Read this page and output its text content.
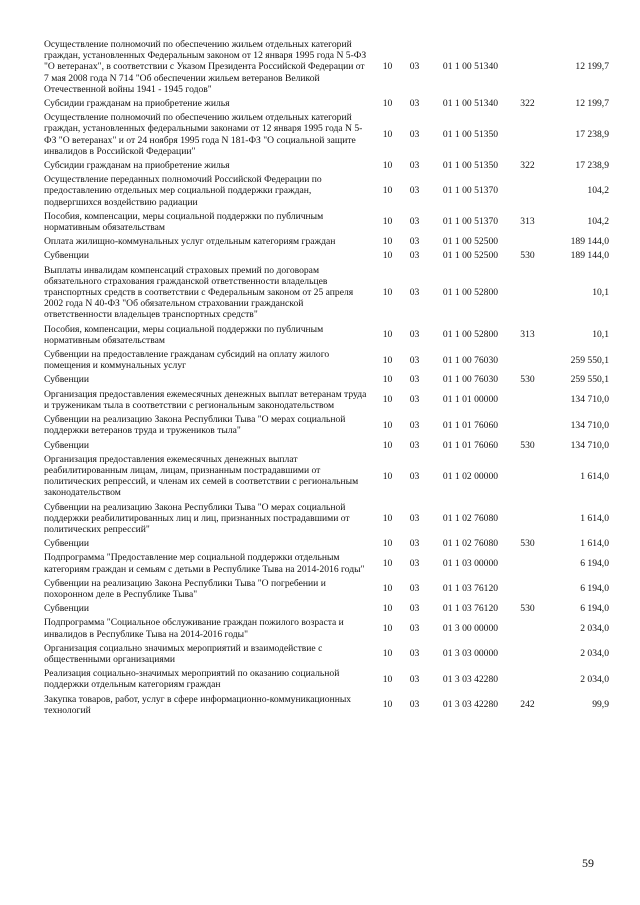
Осуществление полномочий по обеспечению жильем отдельных категорий граждан, установленных Федеральным законом от 12 января 1995 года N 5-ФЗ "О ветеранах", в соответствии с Указом Президента Российской Федерации от 7 мая 2008 года N 714 "Об обеспечении жильем ветеранов Великой Отечественной войны 1941 - 1945 годов"	10	03	01 1 00 51340		12 199,7
Субсидии гражданам на приобретение жилья	10	03	01 1 00 51340	322	12 199,7
Осуществление полномочий по обеспечению жильем отдельных категорий граждан, установленных федеральными законами от 12 января 1995 года N 5-ФЗ "О ветеранах" и от 24 ноября 1995 года N 181-ФЗ "О социальной защите инвалидов в Российской Федерации"	10	03	01 1 00 51350		17 238,9
Субсидии гражданам на приобретение жилья	10	03	01 1 00 51350	322	17 238,9
Осуществление переданных полномочий Российской Федерации по предоставлению отдельных мер социальной поддержки граждан, подвергшихся воздействию радиации	10	03	01 1 00 51370		104,2
Пособия, компенсации, меры социальной поддержки по публичным нормативным обязательствам	10	03	01 1 00 51370	313	104,2
Оплата жилищно-коммунальных услуг отдельным категориям граждан	10	03	01 1 00 52500		189 144,0
Субвенции	10	03	01 1 00 52500	530	189 144,0
Выплаты инвалидам компенсаций страховых премий по договорам обязательного страхования гражданской ответственности владельцев транспортных средств в соответствии с Федеральным законом от 25 апреля 2002 года N 40-ФЗ "Об обязательном страховании гражданской ответственности владельцев транспортных средств"	10	03	01 1 00 52800		10,1
Пособия, компенсации, меры социальной поддержки по публичным нормативным обязательствам	10	03	01 1 00 52800	313	10,1
Субвенции на предоставление гражданам субсидий на оплату жилого помещения и коммунальных услуг	10	03	01 1 00 76030		259 550,1
Субвенции	10	03	01 1 00 76030	530	259 550,1
Организация предоставления ежемесячных денежных выплат ветеранам труда и труженикам тыла в соответствии с региональным законодательством	10	03	01 1 01 00000		134 710,0
Субвенции на реализацию Закона Республики Тыва "О мерах социальной поддержки ветеранов труда и тружеников тыла"	10	03	01 1 01 76060		134 710,0
Субвенции	10	03	01 1 01 76060	530	134 710,0
Организация предоставления ежемесячных денежных выплат реабилитированным лицам, лицам, признанным пострадавшими от политических репрессий, и членам их семей в соответствии с региональным законодательством	10	03	01 1 02 00000		1 614,0
Субвенции на реализацию Закона Республики Тыва "О мерах социальной поддержки реабилитированных лиц и лиц, признанных пострадавшими от политических репрессий"	10	03	01 1 02 76080		1 614,0
Субвенции	10	03	01 1 02 76080	530	1 614,0
Подпрограмма "Предоставление мер социальной поддержки отдельным категориям граждан и семьям с детьми в Республике Тыва на 2014-2016 годы"	10	03	01 1 03 00000		6 194,0
Субвенции на реализацию Закона Республики Тыва "О погребении и похоронном деле в Республике Тыва"	10	03	01 1 03 76120		6 194,0
Субвенции	10	03	01 1 03 76120	530	6 194,0
Подпрограмма "Социальное обслуживание граждан пожилого возраста и инвалидов в Республике Тыва на 2014-2016 годы"	10	03	01 3 00 00000		2 034,0
Организация социально значимых мероприятий и взаимодействие с общественными организациями	10	03	01 3 03 00000		2 034,0
Реализация социально-значимых мероприятий по оказанию социальной поддержки отдельным категориям граждан	10	03	01 3 03 42280		2 034,0
Закупка товаров, работ, услуг в сфере информационно-коммуникационных технологий	10	03	01 3 03 42280	242	99,9
59
